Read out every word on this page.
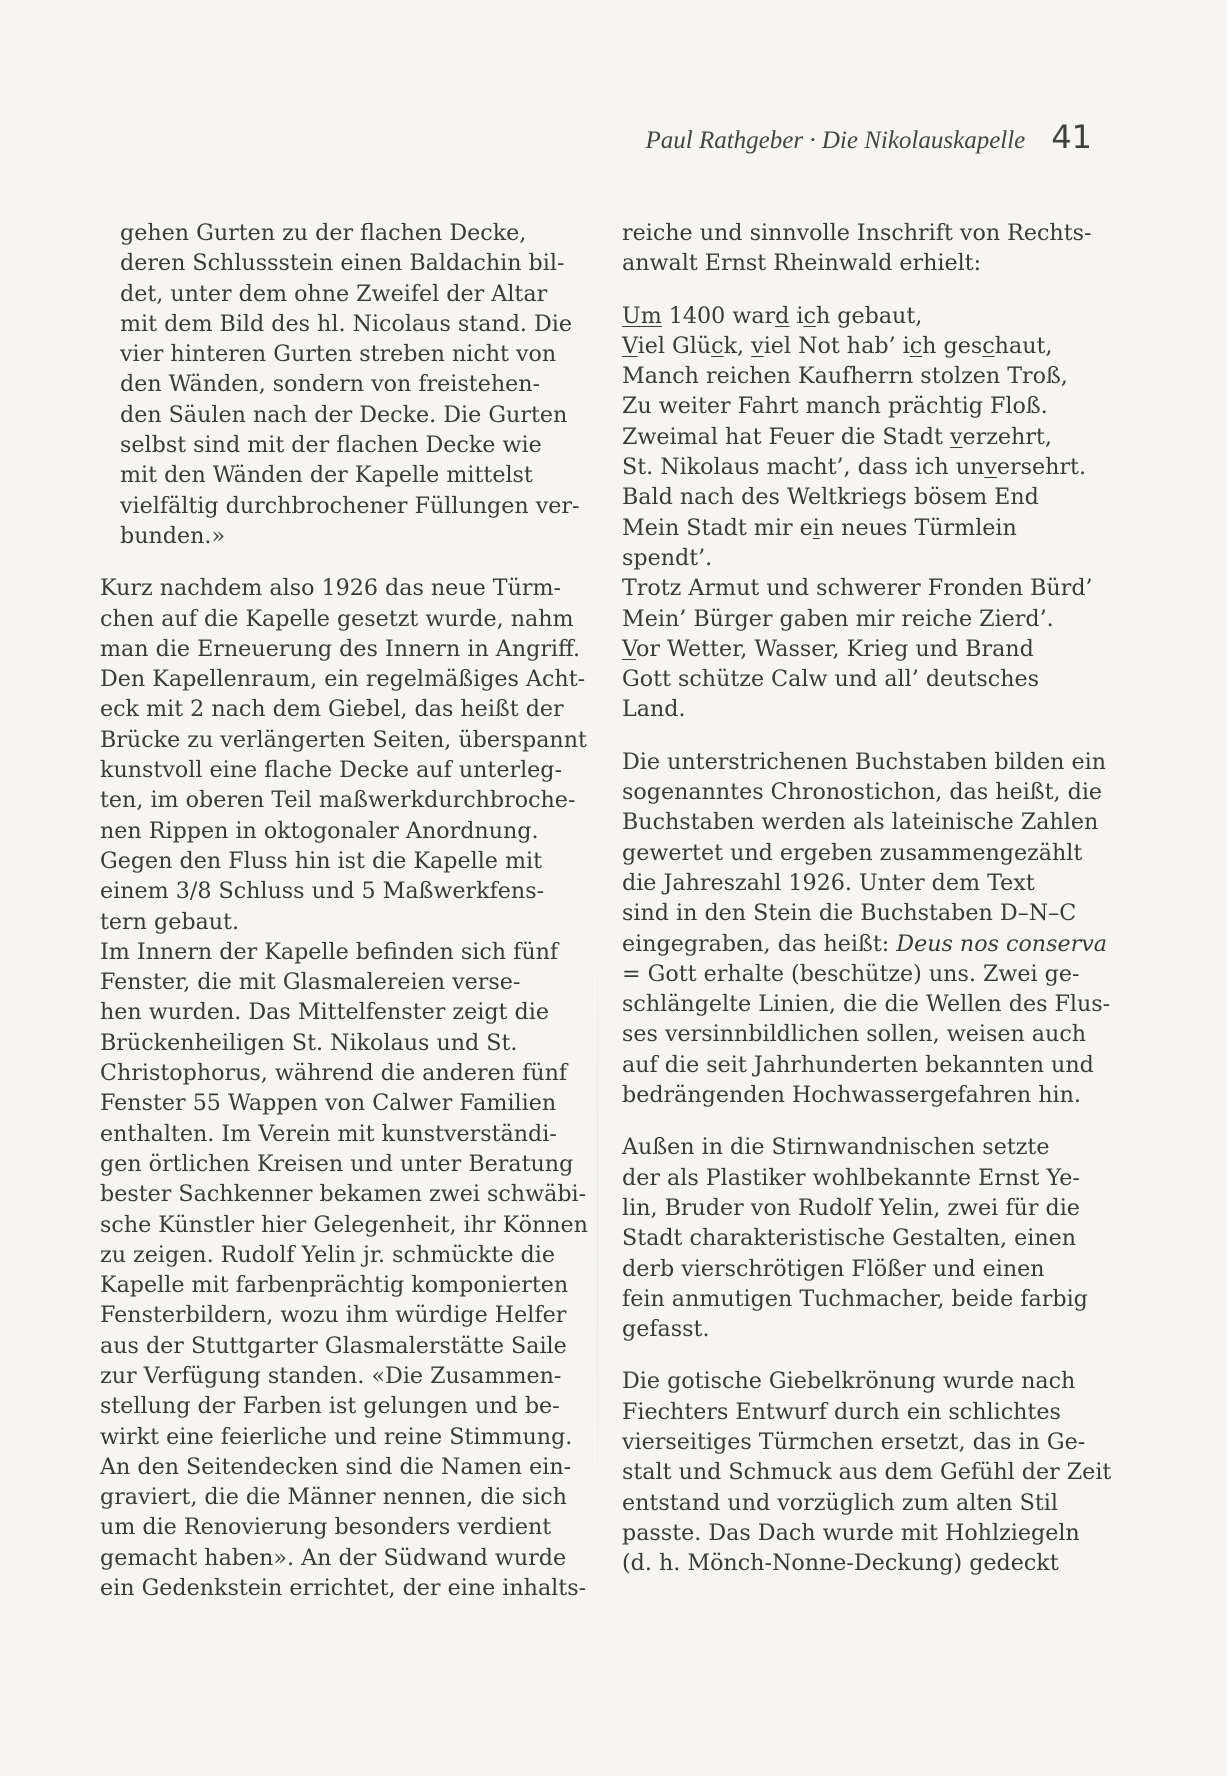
Paul Rathgeber · Die Nikolauskapelle 41

gehen Gurten zu der flachen Decke,

deren Schlussstein einen Baldachin bil-

det, unter dem ohne Zweifel der Altar

mit dem Bild des hl. Nicolaus stand. Die

vier hinteren Gurten streben nicht von

den Wänden, sondern von freistehen-

den Säulen nach der Decke. Die Gurten

selbst sind mit der flachen Decke wie

mit den Wänden der Kapelle mittelst

vielfältig durchbrochener Füllungen ver-

bunden.»

Kurz nachdem also 1926 das neue Türm-

chen auf die Kapelle gesetzt wurde, nahm

man die Erneuerung des Innern in Angriff.

Den Kapellenraum, ein regelmäßiges Acht-

eck mit 2 nach dem Giebel, das heißt der

Brücke zu verlängerten Seiten, überspannt

kunstvoll eine flache Decke auf unterleg-

ten, im oberen Teil maßwerkdurchbroche-

nen Rippen in oktogonaler Anordnung.

Gegen den Fluss hin ist die Kapelle mit

einem 3/8 Schluss und 5 Maßwerkfens-

tern gebaut.

Im Innern der Kapelle befinden sich fünf

Fenster, die mit Glasmalereien verse-

hen wurden. Das Mittelfenster zeigt die

Brückenheiligen St. Nikolaus und St.

Christophorus, während die anderen fünf

Fenster 55 Wappen von Calwer Familien

enthalten. Im Verein mit kunstverständi-

gen örtlichen Kreisen und unter Beratung

bester Sachkenner bekamen zwei schwäbi-

sche Künstler hier Gelegenheit, ihr Können

zu zeigen. Rudolf Yelin jr. schmückte die

Kapelle mit farbenprächtig komponierten

Fensterbildern, wozu ihm würdige Helfer

aus der Stuttgarter Glasmalerstätte Saile

zur Verfügung standen. «Die Zusammen-

stellung der Farben ist gelungen und be-

wirkt eine feierliche und reine Stimmung.

An den Seitendecken sind die Namen ein-

graviert, die die Männer nennen, die sich

um die Renovierung besonders verdient

gemacht haben». An der Südwand wurde

ein Gedenkstein errichtet, der eine inhalts-

reiche und sinnvolle Inschrift von Rechts-

anwalt Ernst Rheinwald erhielt:

Um 1400 ward ich gebaut,

Viel Glück, viel Not hab’ ich geschaut,

Manch reichen Kaufherrn stolzen Troß,

Zu weiter Fahrt manch prächtig Floß.

Zweimal hat Feuer die Stadt verzehrt,

St. Nikolaus macht’, dass ich unversehrt.

Bald nach des Weltkriegs bösem End

Mein Stadt mir ein neues Türmlein

spendt’.

Trotz Armut und schwerer Fronden Bürd’

Mein’ Bürger gaben mir reiche Zierd’.

Vor Wetter, Wasser, Krieg und Brand

Gott schütze Calw und all’ deutsches

Land.

Die unterstrichenen Buchstaben bilden ein

sogenanntes Chronostichon, das heißt, die

Buchstaben werden als lateinische Zahlen

gewertet und ergeben zusammengezählt

die Jahreszahl 1926. Unter dem Text

sind in den Stein die Buchstaben D–N–C

eingegraben, das heißt: Deus nos conserva

= Gott erhalte (beschütze) uns. Zwei ge-

schlängelte Linien, die die Wellen des Flus-

ses versinnbildlichen sollen, weisen auch

auf die seit Jahrhunderten bekannten und

bedrängenden Hochwassergefahren hin.

Außen in die Stirnwandnischen setzte

der als Plastiker wohlbekannte Ernst Ye-

lin, Bruder von Rudolf Yelin, zwei für die

Stadt charakteristische Gestalten, einen

derb vierschrötigen Flößer und einen

fein anmutigen Tuchmacher, beide farbig

gefasst.

Die gotische Giebelkrönung wurde nach

Fiechters Entwurf durch ein schlichtes

vierseitiges Türmchen ersetzt, das in Ge-

stalt und Schmuck aus dem Gefühl der Zeit

entstand und vorzüglich zum alten Stil

passte. Das Dach wurde mit Hohlziegeln

(d. h. Mönch-Nonne-Deckung) gedeckt
